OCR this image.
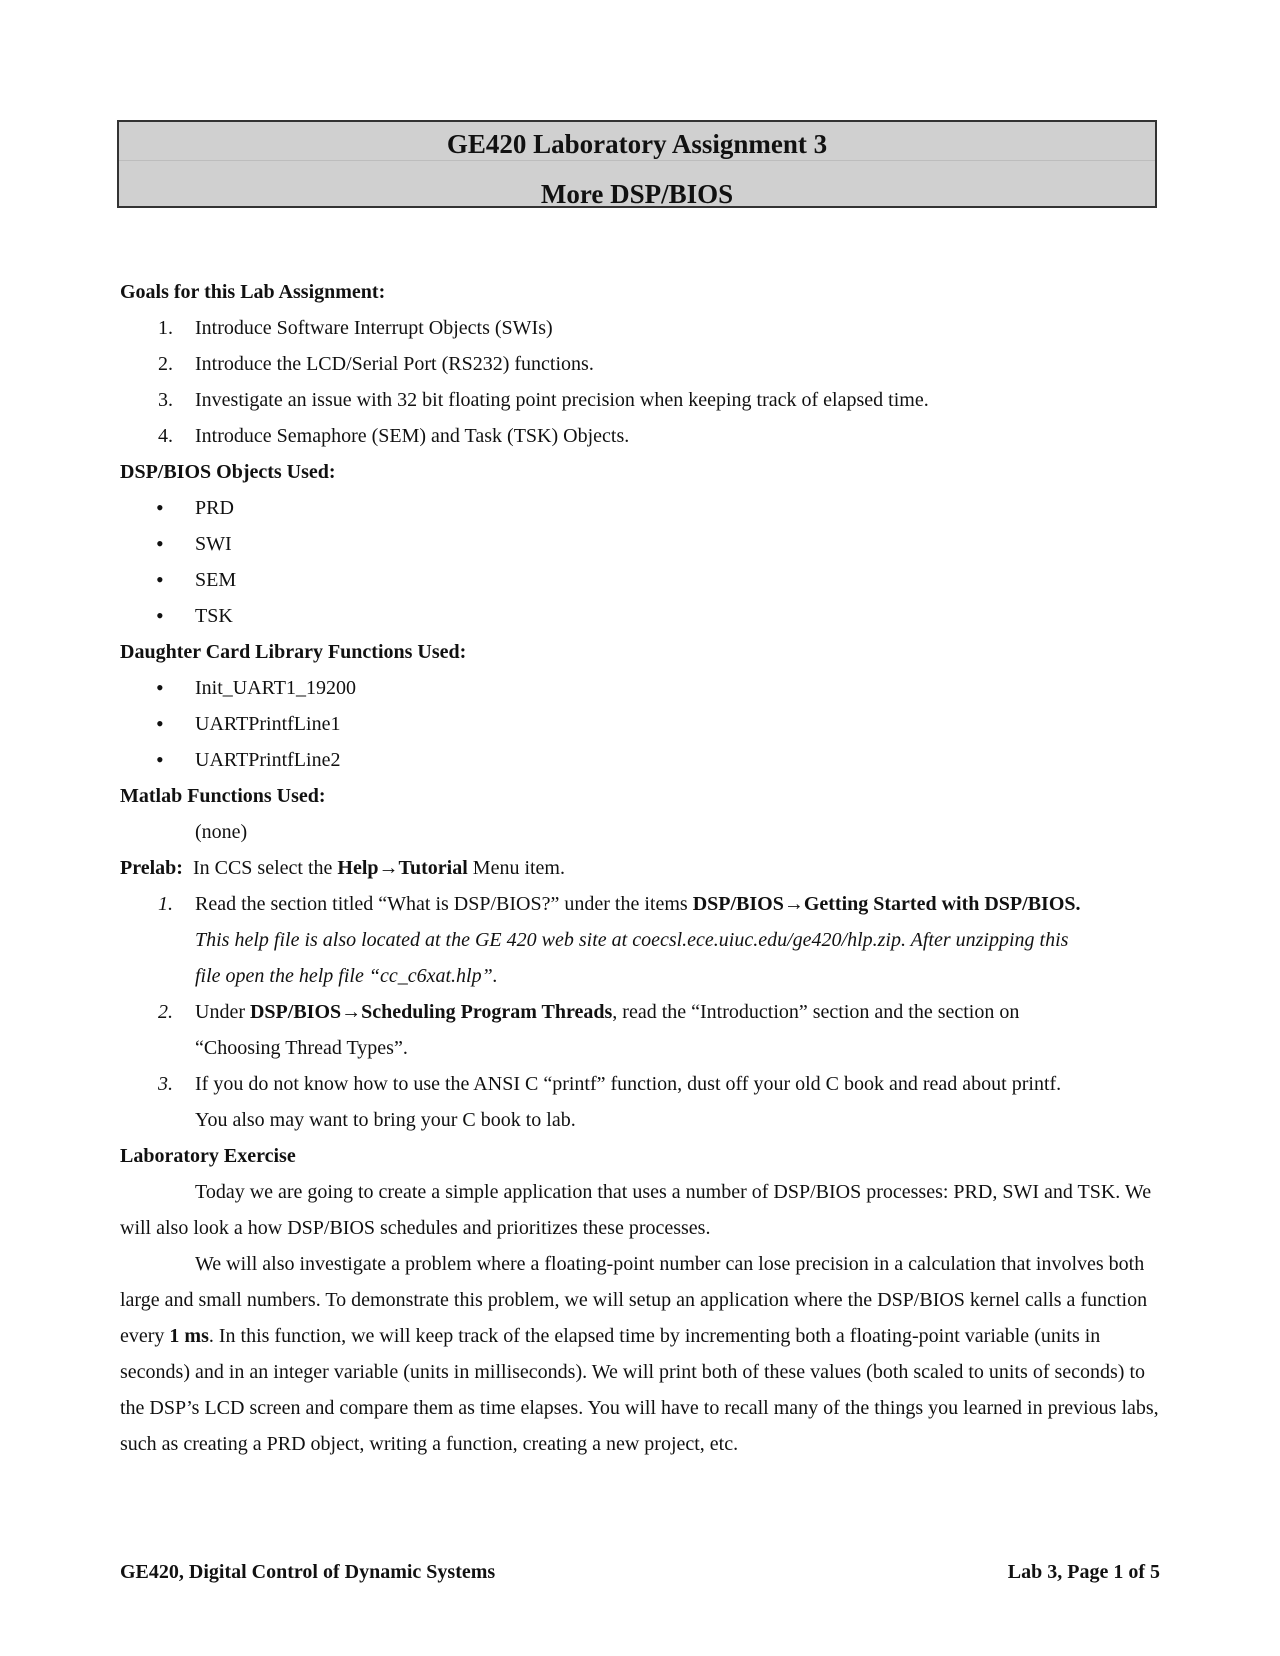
GE420 Laboratory Assignment 3
More DSP/BIOS
Goals for this Lab Assignment:
1.	Introduce Software Interrupt Objects (SWIs)
2.	Introduce the LCD/Serial Port (RS232) functions.
3.	Investigate an issue with 32 bit floating point precision when keeping track of elapsed time.
4.	Introduce Semaphore (SEM) and Task (TSK) Objects.
DSP/BIOS Objects Used:
•	PRD
•	SWI
•	SEM
•	TSK
Daughter Card Library Functions Used:
•	Init_UART1_19200
•	UARTPrintfLine1
•	UARTPrintfLine2
Matlab Functions Used:
(none)
Prelab: In CCS select the Help→Tutorial Menu item.
1.	Read the section titled “What is DSP/BIOS?” under the items DSP/BIOS→Getting Started with DSP/BIOS.
This help file is also located at the GE 420 web site at coecsl.ece.uiuc.edu/ge420/hlp.zip. After unzipping this
file open the help file “cc_c6xat.hlp”.
2.	Under DSP/BIOS→Scheduling Program Threads, read the “Introduction” section and the section on
“Choosing Thread Types”.
3.	If you do not know how to use the ANSI C “printf” function, dust off your old C book and read about printf.
You also may want to bring your C book to lab.
Laboratory Exercise

Today we are going to create a simple application that uses a number of DSP/BIOS processes: PRD, SWI and TSK. We will also look a how DSP/BIOS schedules and prioritizes these processes.

We will also investigate a problem where a floating-point number can lose precision in a calculation that involves both large and small numbers. To demonstrate this problem, we will setup an application where the DSP/BIOS kernel calls a function every 1 ms. In this function, we will keep track of the elapsed time by incrementing both a floating-point variable (units in seconds) and in an integer variable (units in milliseconds). We will print both of these values (both scaled to units of seconds) to the DSP’s LCD screen and compare them as time elapses. You will have to recall many of the things you learned in previous labs, such as creating a PRD object, writing a function, creating a new project, etc.

GE420, Digital Control of Dynamic Systems	Lab 3, Page 1 of 5
